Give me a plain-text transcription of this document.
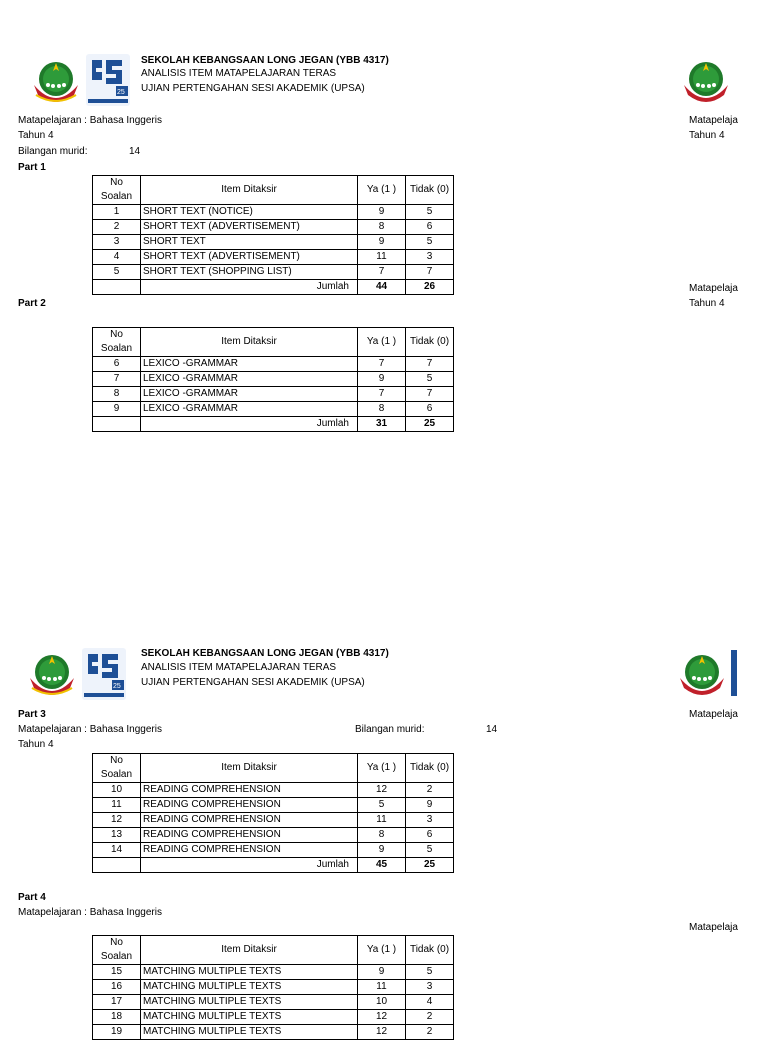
25
SEKOLAH KEBANGSAAN LONG JEGAN (YBB 4317)
ANALISIS ITEM MATAPELAJARAN TERAS
UJIAN PERTENGAHAN SESI AKADEMIK (UPSA)
Matapelajaran : Bahasa Inggeris
Tahun 4
Bilangan murid:	14
Part 1
No Soalan	Item Ditaksir	Ya (1 )	Tidak (0)
1	SHORT TEXT (NOTICE)	9	5
2	SHORT TEXT (ADVERTISEMENT)	8	6
3	SHORT TEXT	9	5
4	SHORT TEXT (ADVERTISEMENT)	11	3
5	SHORT TEXT (SHOPPING LIST)	7	7
	Jumlah	44	26
Part 2
No Soalan	Item Ditaksir	Ya (1 )	Tidak (0)
6	LEXICO -GRAMMAR	7	7
7	LEXICO -GRAMMAR	9	5
8	LEXICO -GRAMMAR	7	7
9	LEXICO -GRAMMAR	8	6
	Jumlah	31	25
Matapelaja
Tahun 4
Matapelaja
Tahun 4
25
SEKOLAH KEBANGSAAN LONG JEGAN (YBB 4317)
ANALISIS ITEM MATAPELAJARAN TERAS
UJIAN PERTENGAHAN SESI AKADEMIK (UPSA)
Part 3
Matapelajaran : Bahasa Inggeris	Bilangan murid:	14
Tahun 4
No Soalan	Item Ditaksir	Ya (1 )	Tidak (0)
10	READING COMPREHENSION	12	2
11	READING COMPREHENSION	5	9
12	READING COMPREHENSION	11	3
13	READING COMPREHENSION	8	6
14	READING COMPREHENSION	9	5
	Jumlah	45	25
Part 4
Matapelajaran : Bahasa Inggeris
No Soalan	Item Ditaksir	Ya (1 )	Tidak (0)
15	MATCHING MULTIPLE TEXTS	9	5
16	MATCHING MULTIPLE TEXTS	11	3
17	MATCHING MULTIPLE TEXTS	10	4
18	MATCHING MULTIPLE TEXTS	12	2
19	MATCHING MULTIPLE TEXTS	12	2
Matapelaja
Matapelaja
